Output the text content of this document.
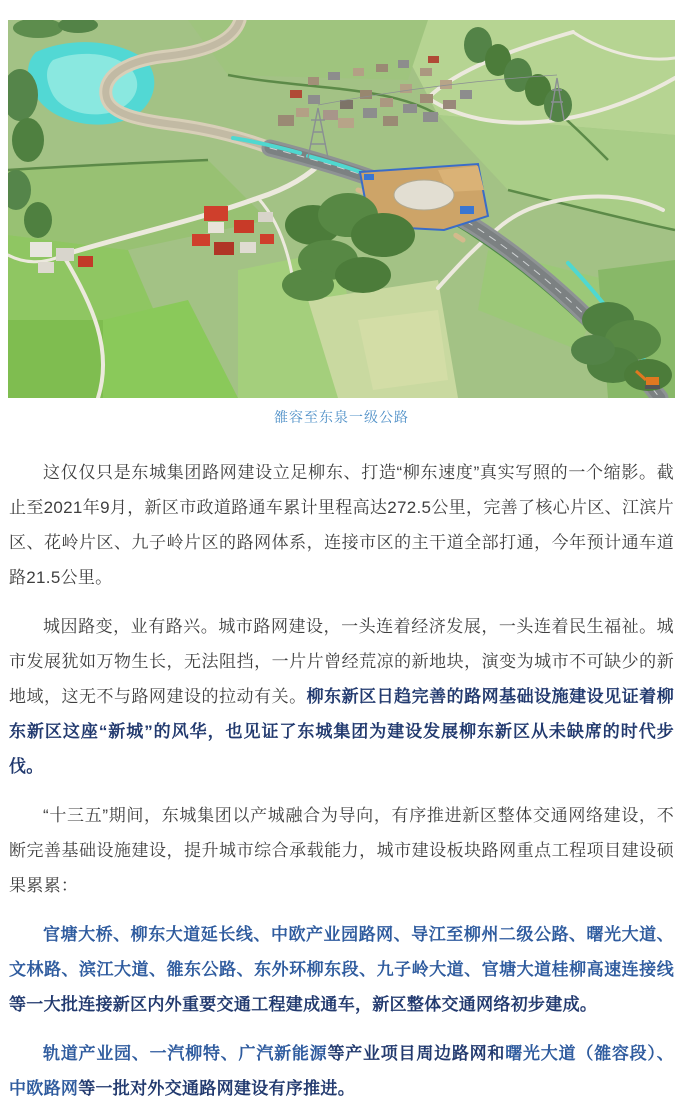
雒容至东泉一级公路

这仅仅只是东城集团路网建设立足柳东、打造“柳东速度”真实写照的一个缩影。截止至2021年9月，新区市政道路通车累计里程高达272.5公里，完善了核心片区、江滨片区、花岭片区、九子岭片区的路网体系，连接市区的主干道全部打通，今年预计通车道路21.5公里。

城因路变，业有路兴。城市路网建设，一头连着经济发展，一头连着民生福祉。城市发展犹如万物生长，无法阻挡，一片片曾经荒凉的新地块，演变为城市不可缺少的新地域，这无不与路网建设的拉动有关。柳东新区日趋完善的路网基础设施建设见证着柳东新区这座“新城”的风华，也见证了东城集团为建设发展柳东新区从未缺席的时代步伐。

“十三五”期间，东城集团以产城融合为导向，有序推进新区整体交通网络建设，不断完善基础设施建设，提升城市综合承载能力，城市建设板块路网重点工程项目建设硕果累累：

官塘大桥、柳东大道延长线、中欧产业园路网、导江至柳州二级公路、曙光大道、文林路、滨江大道、雒东公路、东外环柳东段、九子岭大道、官塘大道桂柳高速连接线等一大批连接新区内外重要交通工程建成通车，新区整体交通网络初步建成。

轨道产业园、一汽柳特、广汽新能源等产业项目周边路网和曙光大道（雒容段）、中欧路网等一批对外交通路网建设有序推进。
